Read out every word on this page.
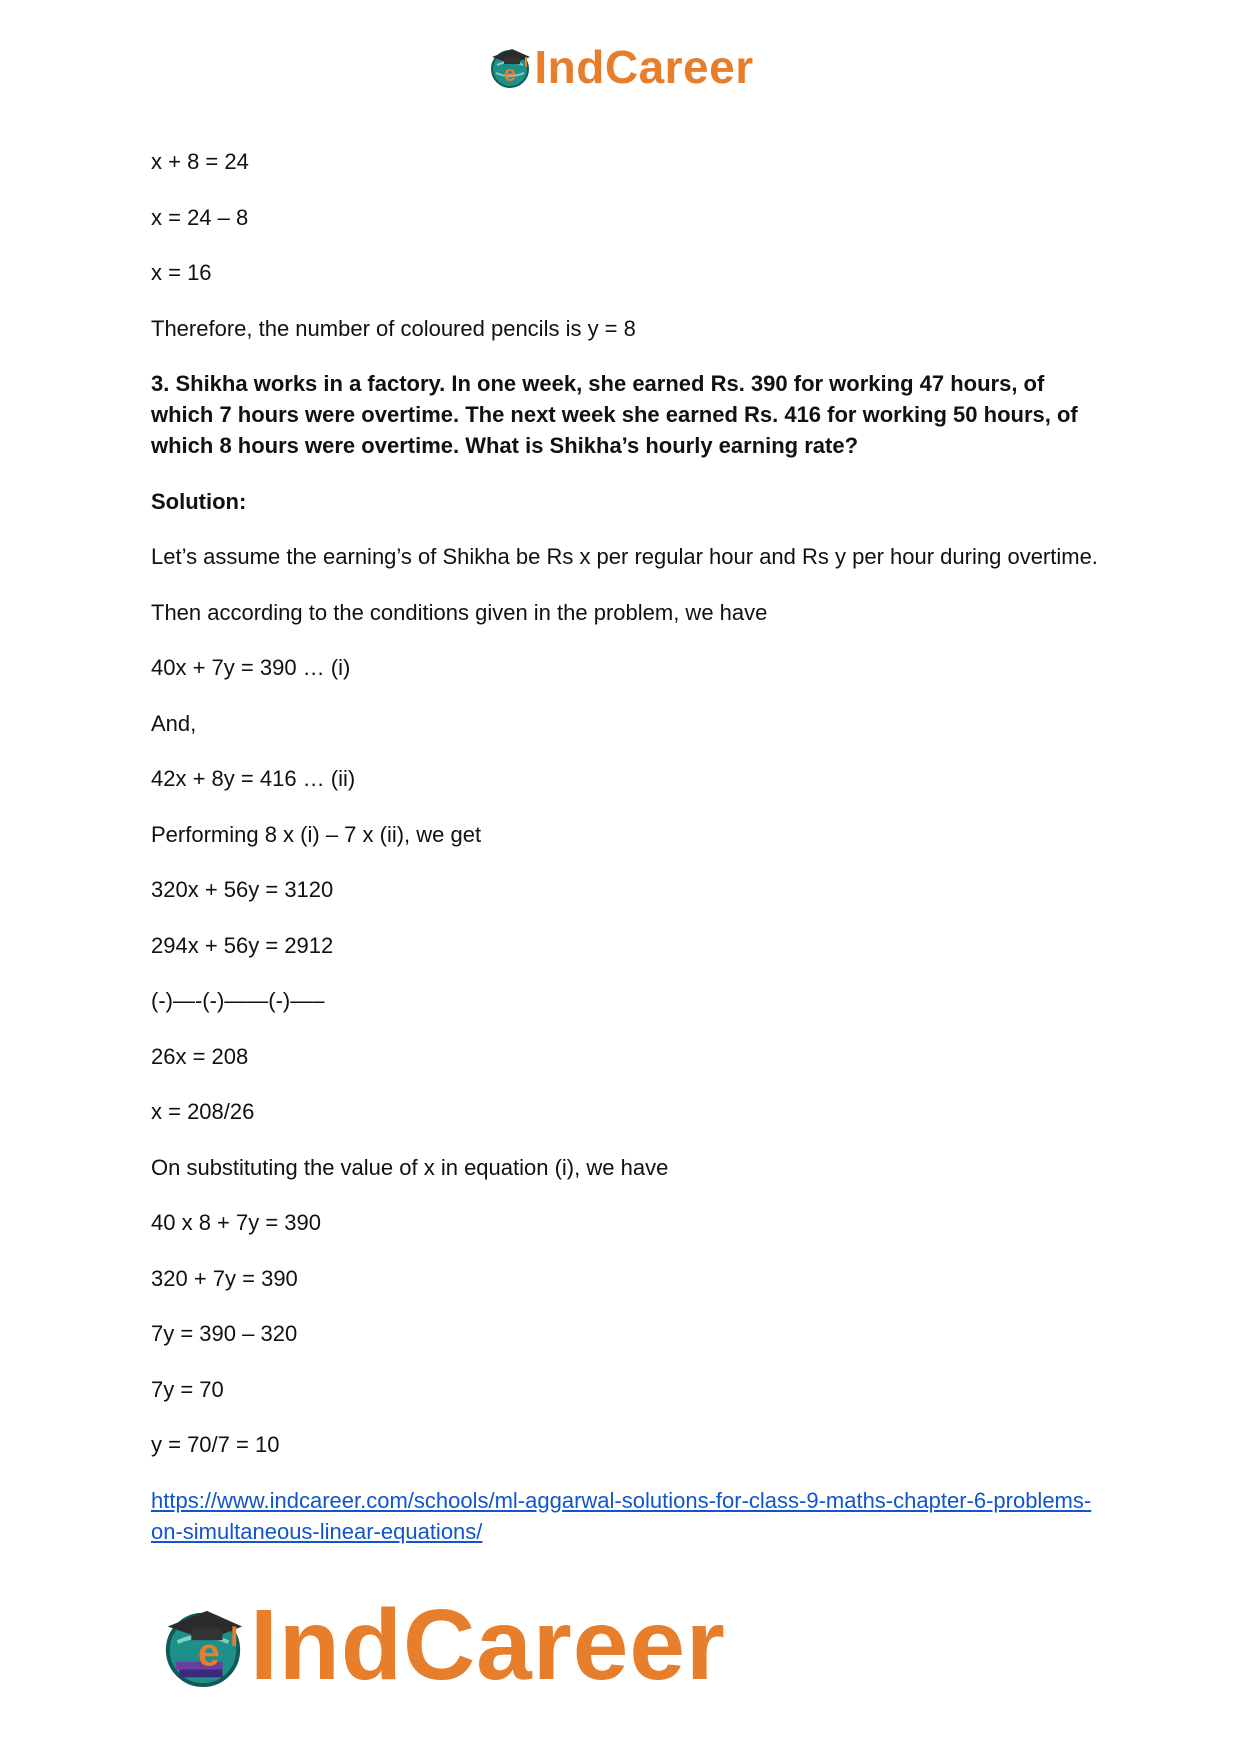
e IndCareer

x + 8 = 24

x = 24 – 8

x = 16

Therefore, the number of coloured pencils is y = 8

3. Shikha works in a factory. In one week, she earned Rs. 390 for working 47 hours, of which 7 hours were overtime. The next week she earned Rs. 416 for working 50 hours, of which 8 hours were overtime. What is Shikha’s hourly earning rate?

Solution:

Let’s assume the earning’s of Shikha be Rs x per regular hour and Rs y per hour during overtime.

Then according to the conditions given in the problem, we have

40x + 7y = 390 … (i)

And,

42x + 8y = 416 … (ii)

Performing 8 x (i) – 7 x (ii), we get

320x + 56y = 3120

294x + 56y = 2912

(-)—-(-)——(-)—–

26x = 208

x = 208/26

On substituting the value of x in equation (i), we have

40 x 8 + 7y = 390

320 + 7y = 390

7y = 390 – 320

7y = 70

y = 70/7 = 10

https://www.indcareer.com/schools/ml-aggarwal-solutions-for-class-9-maths-chapter-6-problems-on-simultaneous-linear-equations/

e IndCareer
